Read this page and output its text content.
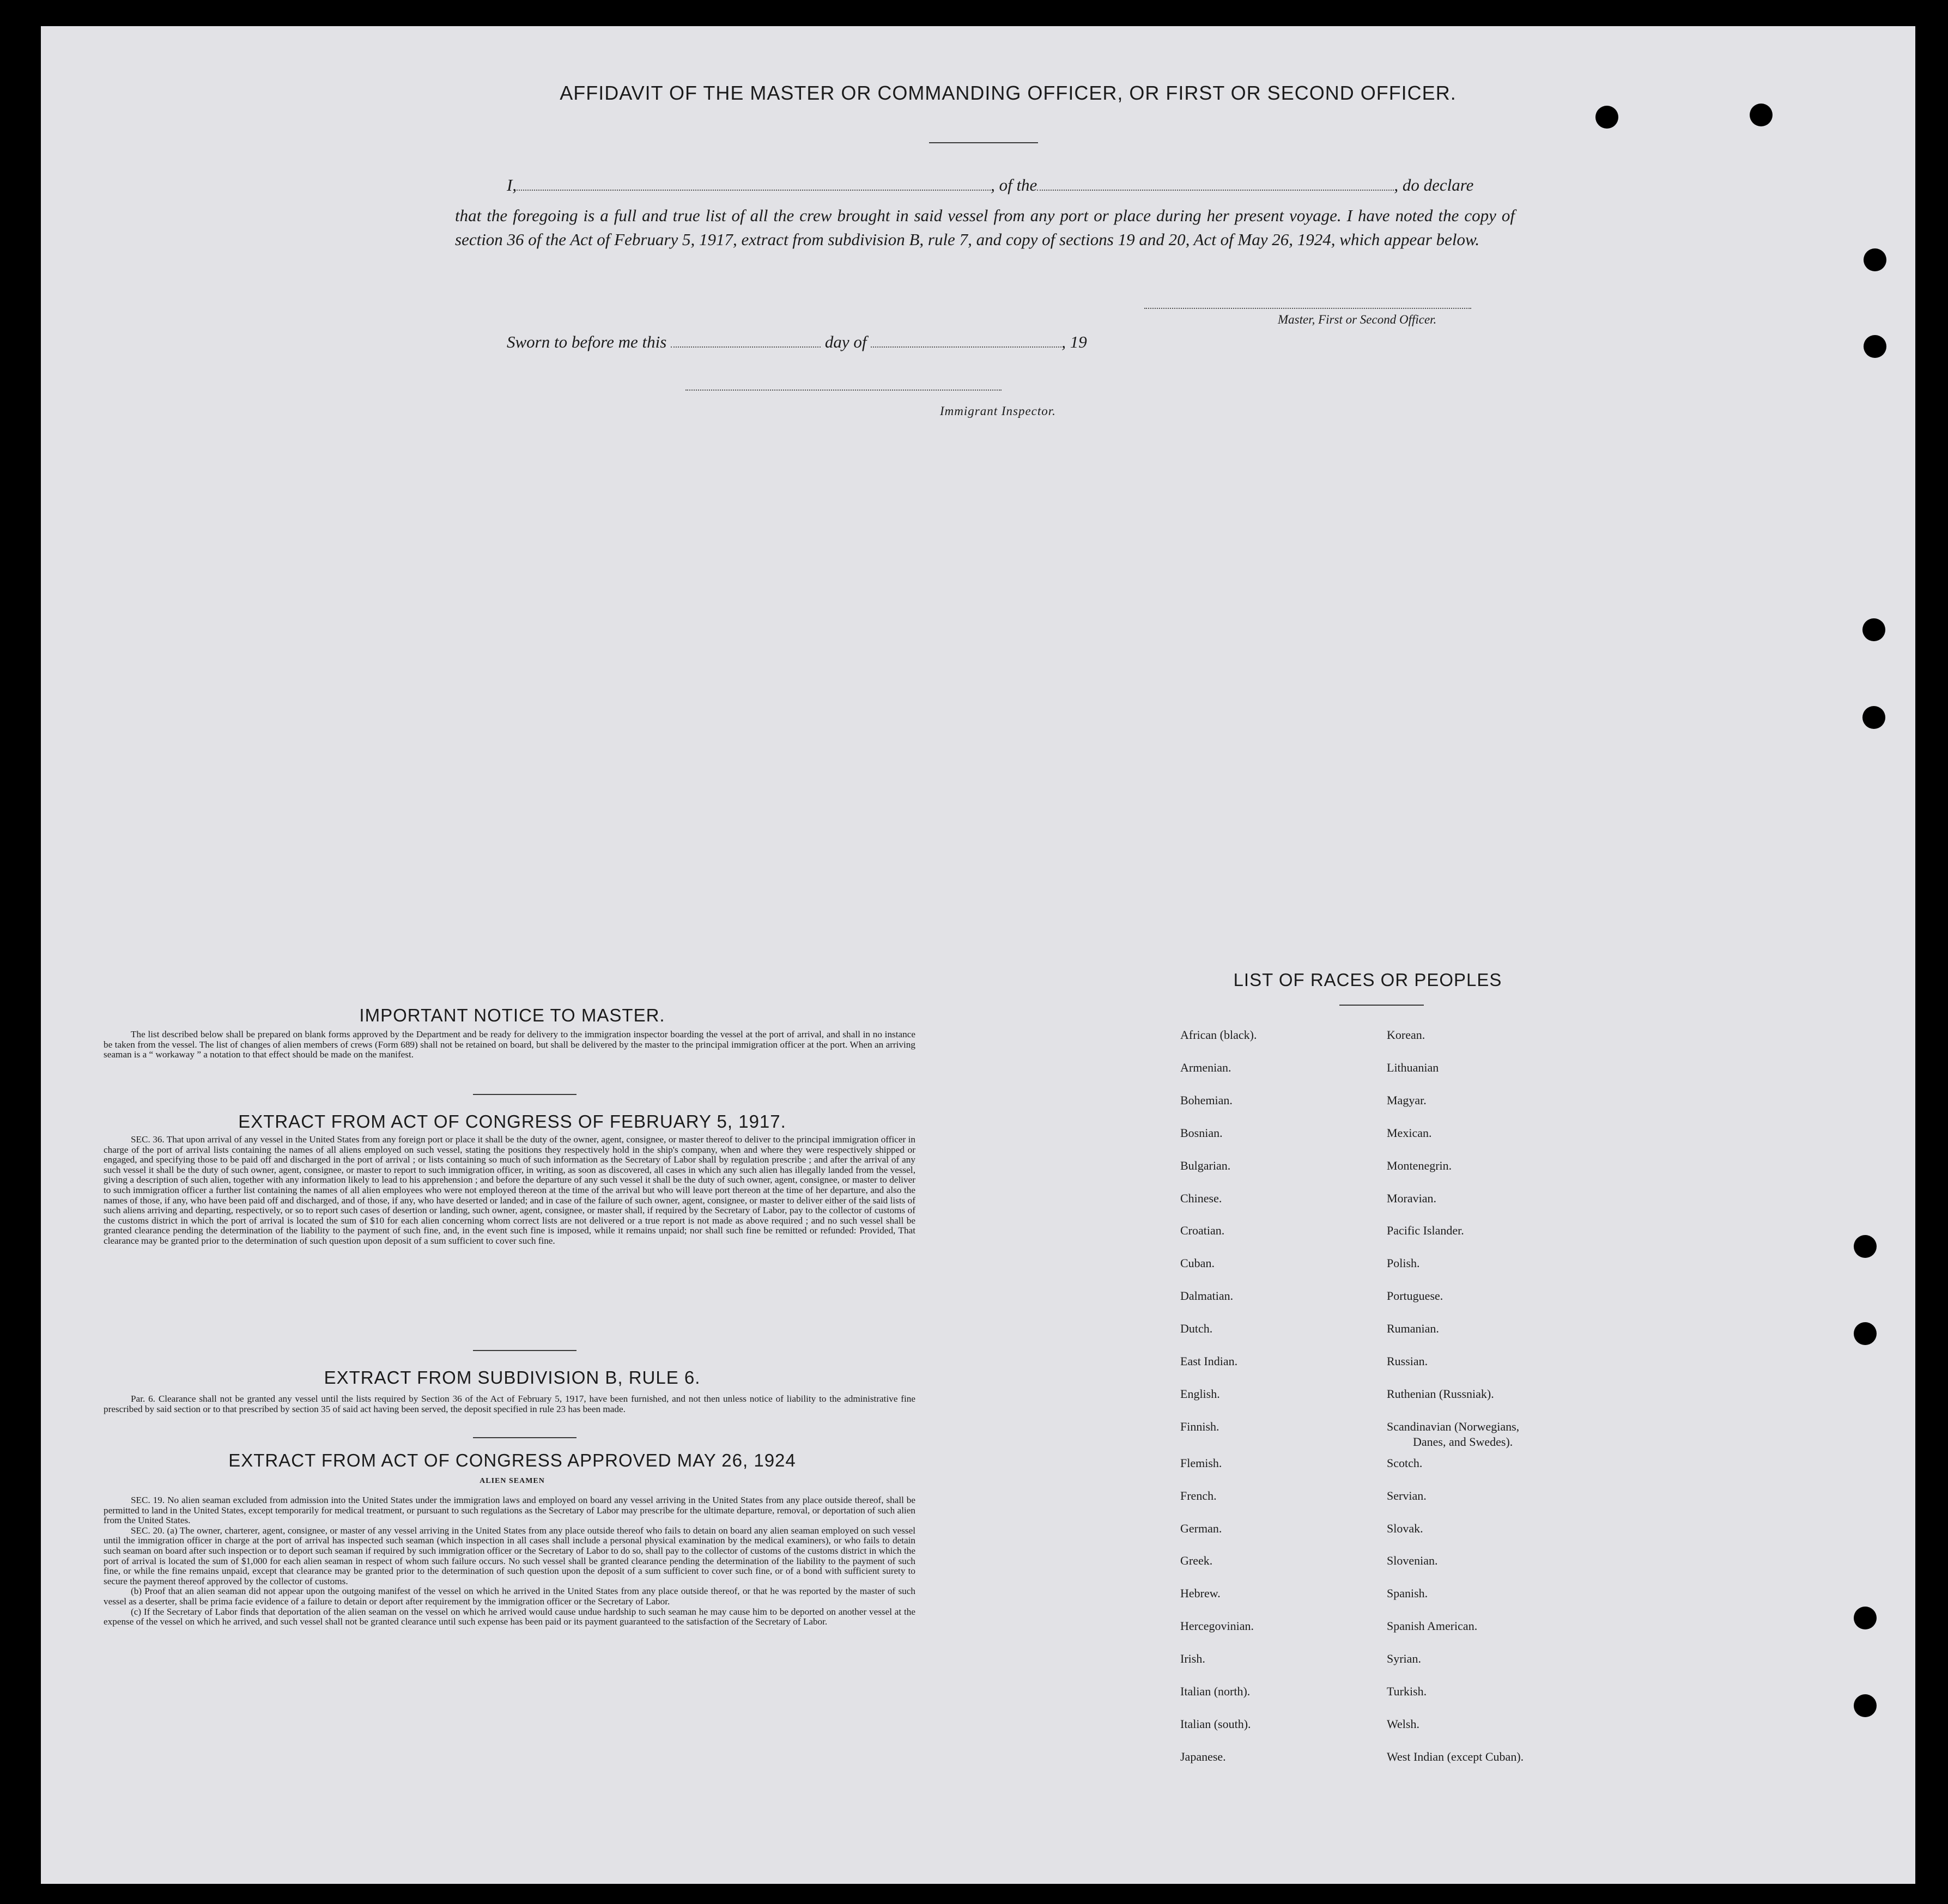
AFFIDAVIT OF THE MASTER OR COMMANDING OFFICER, OR FIRST OR SECOND OFFICER.
I,	, of the	, do declare
that the foregoing is a full and true list of all the crew brought in said vessel from any port or place during her present voyage. I have noted the copy of section 36 of the Act of February 5, 1917, extract from subdivision B, rule 7, and copy of sections 19 and 20, Act of May 26, 1924, which appear below.
Master, First or Second Officer.
Sworn to before me this	day of	, 19
Immigrant Inspector.
IMPORTANT NOTICE TO MASTER.
The list described below shall be prepared on blank forms approved by the Department and be ready for delivery to the immigration inspector boarding the vessel at the port of arrival, and shall in no instance be taken from the vessel. The list of changes of alien members of crews (Form 689) shall not be retained on board, but shall be delivered by the master to the principal immigration officer at the port. When an arriving seaman is a “ workaway ” a notation to that effect should be made on the manifest.
EXTRACT FROM ACT OF CONGRESS OF FEBRUARY 5, 1917.
SEC. 36. That upon arrival of any vessel in the United States from any foreign port or place it shall be the duty of the owner, agent, consignee, or master thereof to deliver to the principal immigration officer in charge of the port of arrival lists containing the names of all aliens employed on such vessel, stating the positions they respectively hold in the ship's company, when and where they were respectively shipped or engaged, and specifying those to be paid off and discharged in the port of arrival ; or lists containing so much of such information as the Secretary of Labor shall by regulation prescribe ; and after the arrival of any such vessel it shall be the duty of such owner, agent, consignee, or master to report to such immigration officer, in writing, as soon as discovered, all cases in which any such alien has illegally landed from the vessel, giving a description of such alien, together with any information likely to lead to his apprehension ; and before the departure of any such vessel it shall be the duty of such owner, agent, consignee, or master to deliver to such immigration officer a further list containing the names of all alien employees who were not employed thereon at the time of the arrival but who will leave port thereon at the time of her departure, and also the names of those, if any, who have been paid off and discharged, and of those, if any, who have deserted or landed; and in case of the failure of such owner, agent, consignee, or master to deliver either of the said lists of such aliens arriving and departing, respectively, or so to report such cases of desertion or landing, such owner, agent, consignee, or master shall, if required by the Secretary of Labor, pay to the collector of customs of the customs district in which the port of arrival is located the sum of $10 for each alien concerning whom correct lists are not delivered or a true report is not made as above required ; and no such vessel shall be granted clearance pending the determination of the liability to the payment of such fine, and, in the event such fine is imposed, while it remains unpaid; nor shall such fine be remitted or refunded: Provided, That clearance may be granted prior to the determination of such question upon deposit of a sum sufficient to cover such fine.
EXTRACT FROM SUBDIVISION B, RULE 6.
Par. 6. Clearance shall not be granted any vessel until the lists required by Section 36 of the Act of February 5, 1917, have been furnished, and not then unless notice of liability to the administrative fine prescribed by said section or to that prescribed by section 35 of said act having been served, the deposit specified in rule 23 has been made.
EXTRACT FROM ACT OF CONGRESS APPROVED MAY 26, 1924
ALIEN SEAMEN
SEC. 19. No alien seaman excluded from admission into the United States under the immigration laws and employed on board any vessel arriving in the United States from any place outside thereof, shall be permitted to land in the United States, except temporarily for medical treatment, or pursuant to such regulations as the Secretary of Labor may prescribe for the ultimate departure, removal, or deportation of such alien from the United States.
SEC. 20. (a) The owner, charterer, agent, consignee, or master of any vessel arriving in the United States from any place outside thereof who fails to detain on board any alien seaman employed on such vessel until the immigration officer in charge at the port of arrival has inspected such seaman (which inspection in all cases shall include a personal physical examination by the medical examiners), or who fails to detain such seaman on board after such inspection or to deport such seaman if required by such immigration officer or the Secretary of Labor to do so, shall pay to the collector of customs of the customs district in which the port of arrival is located the sum of $1,000 for each alien seaman in respect of whom such failure occurs. No such vessel shall be granted clearance pending the determination of the liability to the payment of such fine, or while the fine remains unpaid, except that clearance may be granted prior to the determination of such question upon the deposit of a sum sufficient to cover such fine, or of a bond with sufficient surety to secure the payment thereof approved by the collector of customs.
(b) Proof that an alien seaman did not appear upon the outgoing manifest of the vessel on which he arrived in the United States from any place outside thereof, or that he was reported by the master of such vessel as a deserter, shall be prima facie evidence of a failure to detain or deport after requirement by the immigration officer or the Secretary of Labor.
(c) If the Secretary of Labor finds that deportation of the alien seaman on the vessel on which he arrived would cause undue hardship to such seaman he may cause him to be deported on another vessel at the expense of the vessel on which he arrived, and such vessel shall not be granted clearance until such expense has been paid or its payment guaranteed to the satisfaction of the Secretary of Labor.
LIST OF RACES OR PEOPLES
African (black).
Armenian.
Bohemian.
Bosnian.
Bulgarian.
Chinese.
Croatian.
Cuban.
Dalmatian.
Dutch.
East Indian.
English.
Finnish.
Flemish.
French.
German.
Greek.
Hebrew.
Hercegovinian.
Irish.
Italian (north).
Italian (south).
Japanese.
Korean.
Lithuanian
Magyar.
Mexican.
Montenegrin.
Moravian.
Pacific Islander.
Polish.
Portuguese.
Rumanian.
Russian.
Ruthenian (Russniak).
Scandinavian (Norwegians,
Scotch.
Servian.
Slovak.
Slovenian.
Spanish.
Spanish American.
Syrian.
Turkish.
Welsh.
West Indian (except Cuban).
Danes, and Swedes).
